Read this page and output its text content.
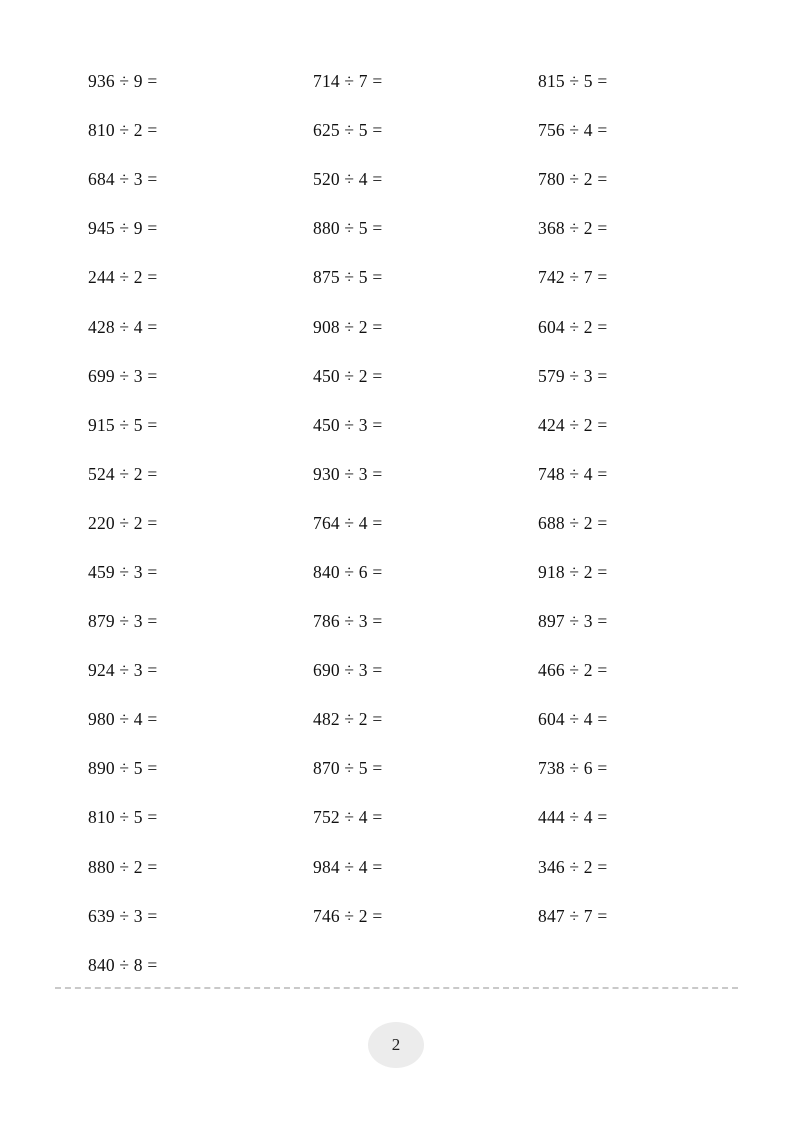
936 ÷ 9 =	714 ÷ 7 =	815 ÷ 5 =
810 ÷ 2 =	625 ÷ 5 =	756 ÷ 4 =
684 ÷ 3 =	520 ÷ 4 =	780 ÷ 2 =
945 ÷ 9 =	880 ÷ 5 =	368 ÷ 2 =
244 ÷ 2 =	875 ÷ 5 =	742 ÷ 7 =
428 ÷ 4 =	908 ÷ 2 =	604 ÷ 2 =
699 ÷ 3 =	450 ÷ 2 =	579 ÷ 3 =
915 ÷ 5 =	450 ÷ 3 =	424 ÷ 2 =
524 ÷ 2 =	930 ÷ 3 =	748 ÷ 4 =
220 ÷ 2 =	764 ÷ 4 =	688 ÷ 2 =
459 ÷ 3 =	840 ÷ 6 =	918 ÷ 2 =
879 ÷ 3 =	786 ÷ 3 =	897 ÷ 3 =
924 ÷ 3 =	690 ÷ 3 =	466 ÷ 2 =
980 ÷ 4 =	482 ÷ 2 =	604 ÷ 4 =
890 ÷ 5 =	870 ÷ 5 =	738 ÷ 6 =
810 ÷ 5 =	752 ÷ 4 =	444 ÷ 4 =
880 ÷ 2 =	984 ÷ 4 =	346 ÷ 2 =
639 ÷ 3 =	746 ÷ 2 =	847 ÷ 7 =
840 ÷ 8 =
2
